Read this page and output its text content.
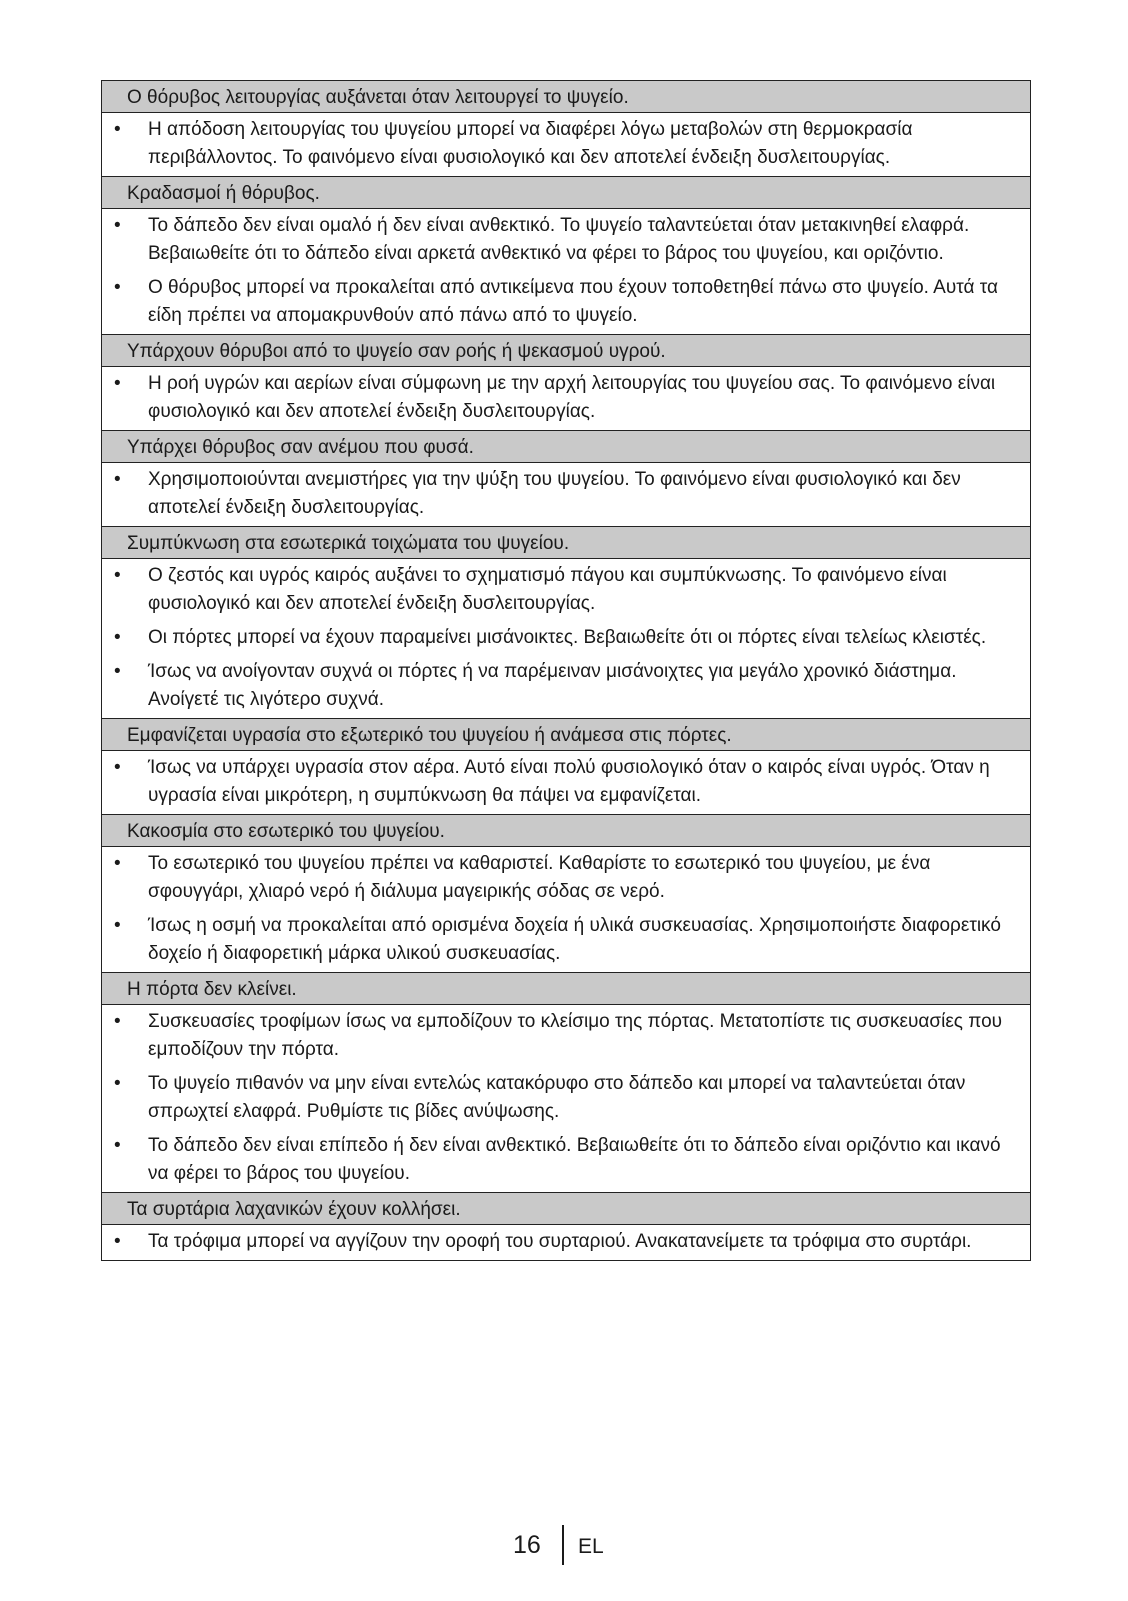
Ο θόρυβος λειτουργίας αυξάνεται όταν λειτουργεί το ψυγείο.
• Η απόδοση λειτουργίας του ψυγείου μπορεί να διαφέρει λόγω μεταβολών στη θερμοκρασία περιβάλλοντος. Το φαινόμενο είναι φυσιολογικό και δεν αποτελεί ένδειξη δυσλειτουργίας.
Κραδασμοί ή θόρυβος.
• Το δάπεδο δεν είναι ομαλό ή δεν είναι ανθεκτικό. Το ψυγείο ταλαντεύεται όταν μετακινηθεί ελαφρά. Βεβαιωθείτε ότι το δάπεδο είναι αρκετά ανθεκτικό να φέρει το βάρος του ψυγείου, και οριζόντιο.
• Ο θόρυβος μπορεί να προκαλείται από αντικείμενα που έχουν τοποθετηθεί πάνω στο ψυγείο. Αυτά τα είδη πρέπει να απομακρυνθούν από πάνω από το ψυγείο.
Υπάρχουν θόρυβοι από το ψυγείο σαν ροής ή ψεκασμού υγρού.
• Η ροή υγρών και αερίων είναι σύμφωνη με την αρχή λειτουργίας του ψυγείου σας. Το φαινόμενο είναι φυσιολογικό και δεν αποτελεί ένδειξη δυσλειτουργίας.
Υπάρχει θόρυβος σαν ανέμου που φυσά.
• Χρησιμοποιούνται ανεμιστήρες για την ψύξη του ψυγείου. Το φαινόμενο είναι φυσιολογικό και δεν αποτελεί ένδειξη δυσλειτουργίας.
Συμπύκνωση στα εσωτερικά τοιχώματα του ψυγείου.
• Ο ζεστός και υγρός καιρός αυξάνει το σχηματισμό πάγου και συμπύκνωσης. Το φαινόμενο είναι φυσιολογικό και δεν αποτελεί ένδειξη δυσλειτουργίας.
• Οι πόρτες μπορεί να έχουν παραμείνει μισάνοικτες. Βεβαιωθείτε ότι οι πόρτες είναι τελείως κλειστές.
• Ίσως να ανοίγονταν συχνά οι πόρτες ή να παρέμειναν μισάνοιχτες για μεγάλο χρονικό διάστημα. Ανοίγετέ τις λιγότερο συχνά.
Εμφανίζεται υγρασία στο εξωτερικό του ψυγείου ή ανάμεσα στις πόρτες.
• Ίσως να υπάρχει υγρασία στον αέρα. Αυτό είναι πολύ φυσιολογικό όταν ο καιρός είναι υγρός. Όταν η υγρασία είναι μικρότερη, η συμπύκνωση θα πάψει να εμφανίζεται.
Κακοσμία στο εσωτερικό του ψυγείου.
• Το εσωτερικό του ψυγείου πρέπει να καθαριστεί. Καθαρίστε το εσωτερικό του ψυγείου, με ένα σφουγγάρι, χλιαρό νερό ή διάλυμα μαγειρικής σόδας σε νερό.
• Ίσως η οσμή να προκαλείται από ορισμένα δοχεία ή υλικά συσκευασίας. Χρησιμοποιήστε διαφορετικό δοχείο ή διαφορετική μάρκα υλικού συσκευασίας.
Η πόρτα δεν κλείνει.
• Συσκευασίες τροφίμων ίσως να εμποδίζουν το κλείσιμο της πόρτας. Μετατοπίστε τις συσκευασίες που εμποδίζουν την πόρτα.
• Το ψυγείο πιθανόν να μην είναι εντελώς κατακόρυφο στο δάπεδο και μπορεί να ταλαντεύεται όταν σπρωχτεί ελαφρά. Ρυθμίστε τις βίδες ανύψωσης.
• Το δάπεδο δεν είναι επίπεδο ή δεν είναι ανθεκτικό. Βεβαιωθείτε ότι το δάπεδο είναι οριζόντιο και ικανό να φέρει το βάρος του ψυγείου.
Τα συρτάρια λαχανικών έχουν κολλήσει.
• Τα τρόφιμα μπορεί να αγγίζουν την οροφή του συρταριού. Ανακατανείμετε τα τρόφιμα στο συρτάρι.
16 EL
